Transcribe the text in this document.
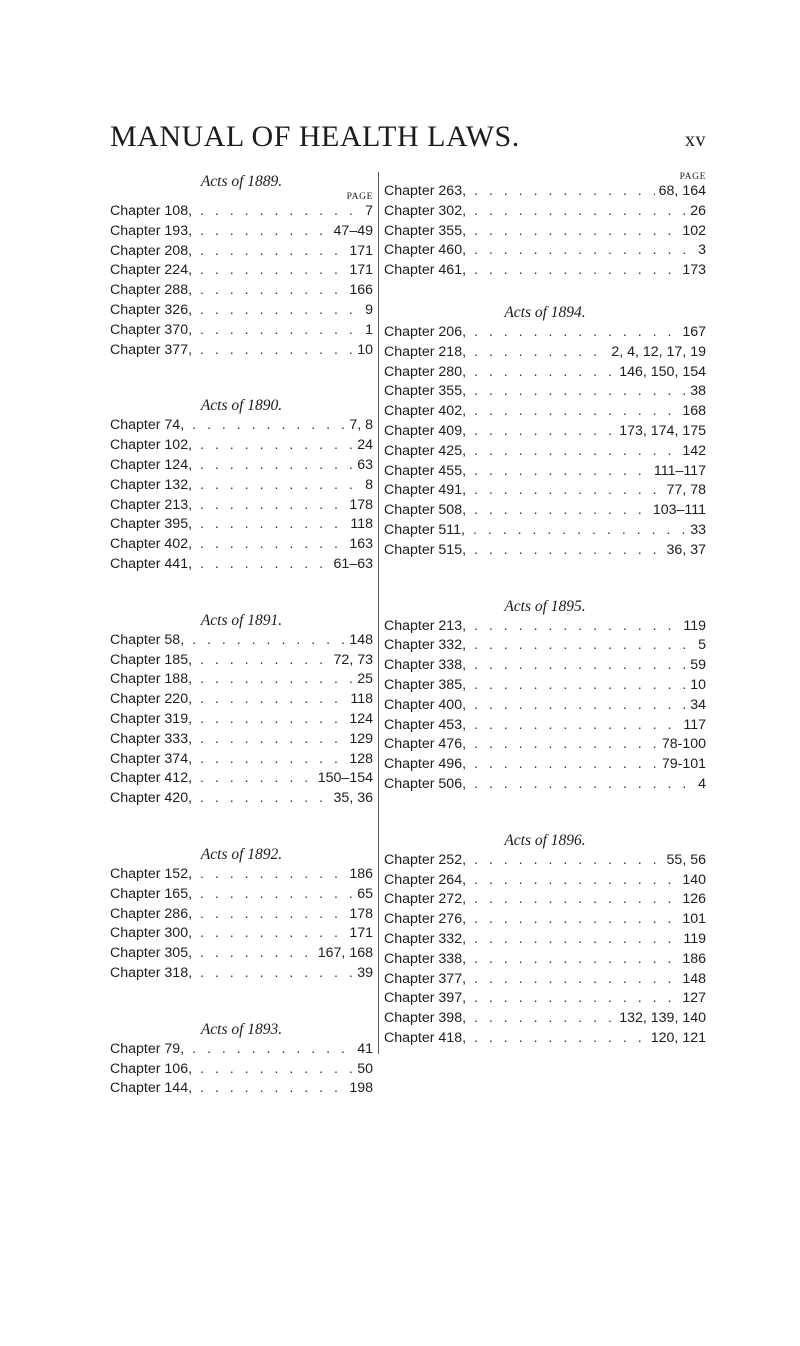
MANUAL OF HEALTH LAWS.	xv
Acts of 1889.
PAGE
Chapter 108, . . .	7
Chapter 193, . . .	47–49
Chapter 208, . . .	171
Chapter 224, . . .	171
Chapter 288, . . .	166
Chapter 326, . . .	9
Chapter 370, . . .	1
Chapter 377, . . .	10
Acts of 1890.
Chapter 74, . . .	7, 8
Chapter 102, . . .	24
Chapter 124, . . .	63
Chapter 132, . . .	8
Chapter 213, . . .	178
Chapter 395, . . .	118
Chapter 402, . . .	163
Chapter 441, . . .	61–63
Acts of 1891.
Chapter 58, . . .	148
Chapter 185, . . .	72, 73
Chapter 188, . . .	25
Chapter 220, . . .	118
Chapter 319, . . .	124
Chapter 333, . . .	129
Chapter 374, . . .	128
Chapter 412, . . .	150–154
Chapter 420, . . .	35, 36
Acts of 1892.
Chapter 152, . . .	186
Chapter 165, . . .	65
Chapter 286, . . .	178
Chapter 300, . . .	171
Chapter 305, . . .	167, 168
Chapter 318, . . .	39
Acts of 1893.
Chapter 79, . . .	41
Chapter 106, . . .	50
Chapter 144, . . .	198
PAGE
Chapter 263, . . .	68, 164
Chapter 302, . . .	26
Chapter 355, . . .	102
Chapter 460, . . .	3
Chapter 461, . . .	173
Acts of 1894.
Chapter 206, . . .	167
Chapter 218, . . .	2, 4, 12, 17, 19
Chapter 280, . . .	146, 150, 154
Chapter 355, . . .	38
Chapter 402, . . .	168
Chapter 409, . . .	173, 174, 175
Chapter 425, . . .	142
Chapter 455, . . .	111–117
Chapter 491, . . .	77, 78
Chapter 508, . . .	103–111
Chapter 511, . . .	33
Chapter 515, . . .	36, 37
Acts of 1895.
Chapter 213, . . .	119
Chapter 332, . . .	5
Chapter 338, . . .	59
Chapter 385, . . .	10
Chapter 400, . . .	34
Chapter 453, . . .	117
Chapter 476, . . .	78-100
Chapter 496, . . .	79-101
Chapter 506, . . .	4
Acts of 1896.
Chapter 252, . . .	55, 56
Chapter 264, . . .	140
Chapter 272, . . .	126
Chapter 276, . . .	101
Chapter 332, . . .	119
Chapter 338, . . .	186
Chapter 377, . . .	148
Chapter 397, . . .	127
Chapter 398, . . .	132, 139, 140
Chapter 418, . . .	120, 121
